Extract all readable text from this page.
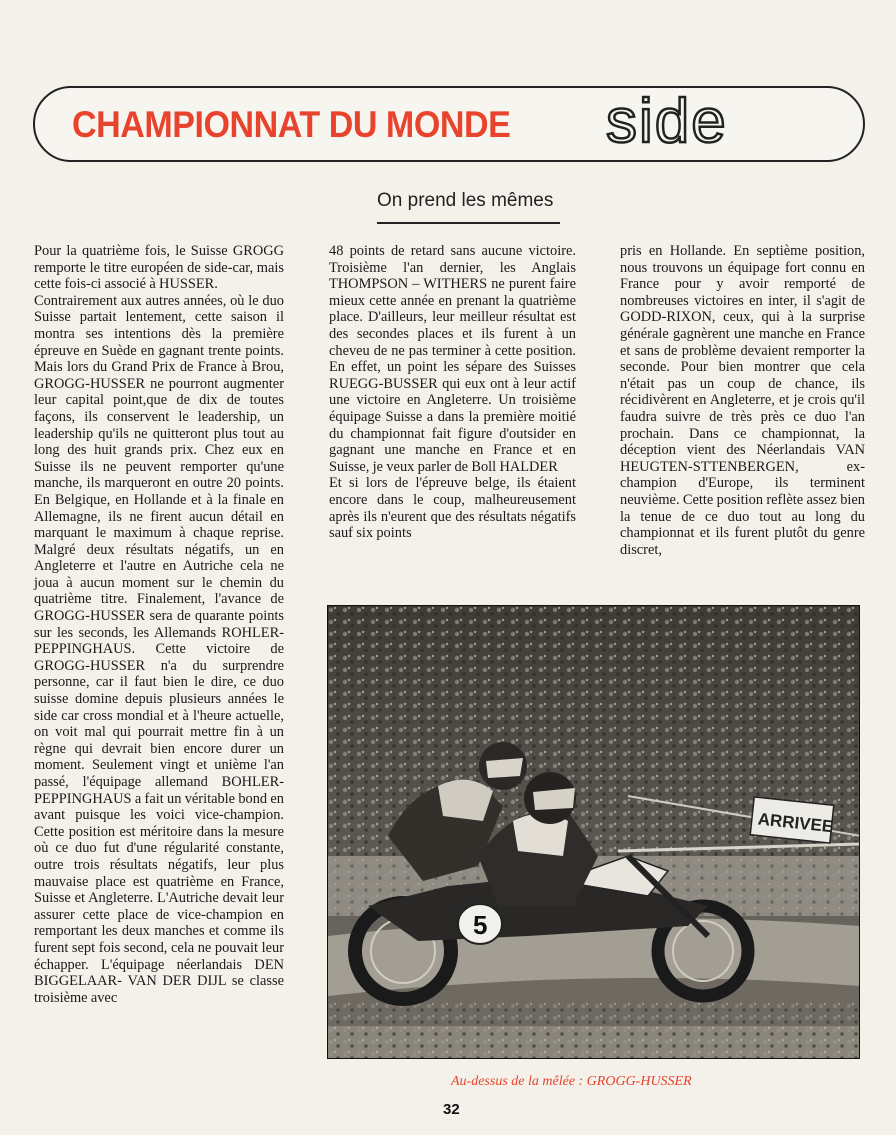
CHAMPIONNAT DU MONDE side
On prend les mêmes

Pour la quatrième fois, le Suisse GROGG remporte le titre européen de side-car, mais cette fois-ci associé à HUSSER.
Contrairement aux autres années, où le duo Suisse partait lentement, cette saison il montra ses intentions dès la première épreuve en Suède en gagnant trente points. Mais lors du Grand Prix de France à Brou, GROGG-HUSSER ne pourront augmenter leur capital point,que de dix de toutes façons, ils conservent le leadership, un leadership qu'ils ne quitteront plus tout au long des huit grands prix. Chez eux en Suisse ils ne peuvent remporter qu'une manche, ils marqueront en outre 20 points. En Belgique, en Hollande et à la finale en Allemagne, ils ne firent aucun détail en marquant le maximum à chaque reprise. Malgré deux résultats négatifs, un en Angleterre et l'autre en Autriche cela ne joua à aucun moment sur le chemin du quatrième titre. Finalement, l'avance de GROGG-HUSSER sera de quarante points sur les seconds, les Allemands ROHLER-PEPPINGHAUS. Cette victoire de GROGG-HUSSER n'a du surprendre personne, car il faut bien le dire, ce duo suisse domine depuis plusieurs années le side car cross mondial et à l'heure actuelle, on voit mal qui pourrait mettre fin à un règne qui devrait bien encore durer un moment. Seulement vingt et unième l'an passé, l'équipage allemand BOHLER-PEPPINGHAUS a fait un véritable bond en avant puisque les voici vice-champion. Cette position est méritoire dans la mesure où ce duo fut d'une régularité constante, outre trois résultats négatifs, leur plus mauvaise place est quatrième en France, Suisse et Angleterre. L'Autriche devait leur assurer cette place de vice-champion en remportant les deux manches et comme ils furent sept fois second, cela ne pouvait leur échapper. L'équipage néerlandais DEN BIGGELAAR- VAN DER DIJL se classe troisième avec

48 points de retard sans aucune victoire. Troisième l'an dernier, les Anglais THOMPSON – WITHERS ne purent faire mieux cette année en prenant la quatrième place. D'ailleurs, leur meilleur résultat est des secondes places et ils furent à un cheveu de ne pas terminer à cette position. En effet, un point les sépare des Suisses RUEGG-BUSSER qui eux ont à leur actif une victoire en Angleterre. Un troisième équipage Suisse a dans la première moitié du championnat fait figure d'outsider en gagnant une manche en France et en Suisse, je veux parler de Boll HALDER
Et si lors de l'épreuve belge, ils étaient encore dans le coup, malheureusement après ils n'eurent que des résultats négatifs sauf six points

pris en Hollande. En septième position, nous trouvons un équipage fort connu en France pour y avoir remporté de nombreuses victoires en inter, il s'agit de GODD-RIXON, ceux, qui à la surprise générale gagnèrent une manche en France et sans de problème devaient remporter la seconde. Pour bien montrer que cela n'était pas un coup de chance, ils récidivèrent en Angleterre, et je crois qu'il faudra suivre de très près ce duo l'an prochain. Dans ce championnat, la déception vient des Néerlandais VAN HEUGTEN-STTENBERGEN, ex-champion d'Europe, ils terminent neuvième. Cette position reflète assez bien la tenue de ce duo tout au long du championnat et ils furent plutôt du genre discret,

ARRIVEE
5
Au-dessus de la mêlée : GROGG-HUSSER
32
